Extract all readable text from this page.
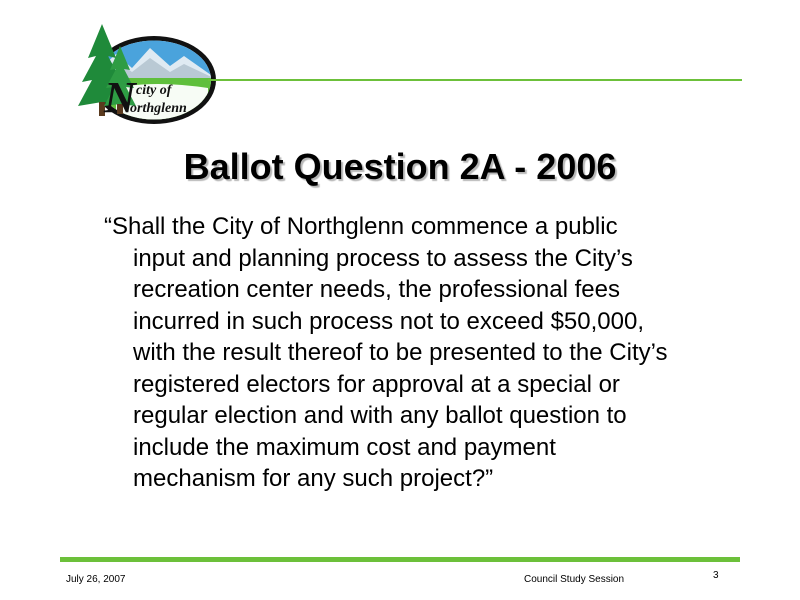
N city of
orthglenn
Ballot Question 2A - 2006
“Shall the City of Northglenn commence a public
input and planning process to assess the City’s
recreation center needs, the professional fees
incurred in such process not to exceed $50,000,
with the result thereof to be presented to the City’s
registered electors for approval at a special or
regular election and with any ballot question to
include the maximum cost and payment
mechanism for any such project?”
July 26, 2007	Council Study Session	3
